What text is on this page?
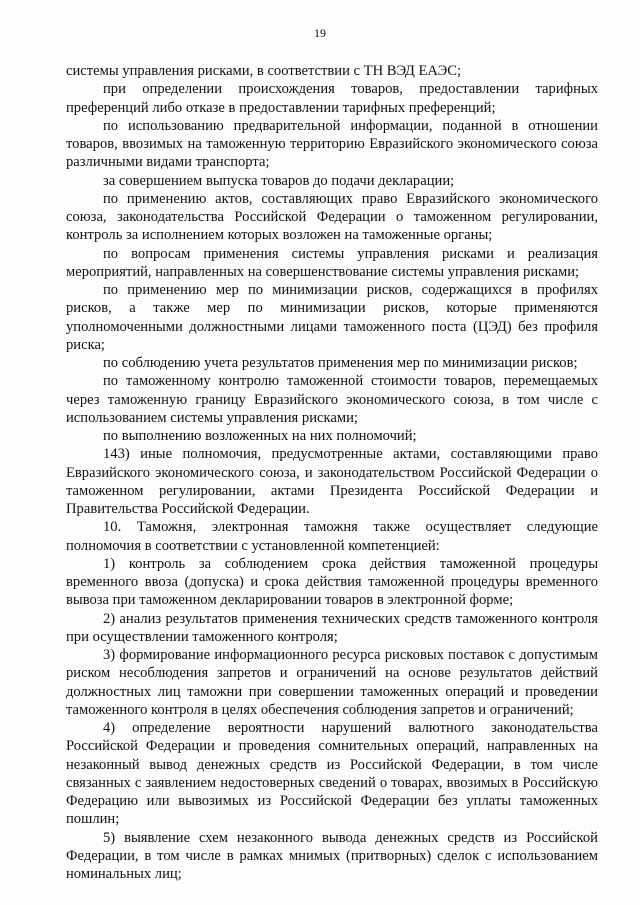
19

системы управления рисками, в соответствии с ТН ВЭД ЕАЭС;

при определении происхождения товаров, предоставлении тарифных преференций либо отказе в предоставлении тарифных преференций;

по использованию предварительной информации, поданной в отношении товаров, ввозимых на таможенную территорию Евразийского экономического союза различными видами транспорта;

за совершением выпуска товаров до подачи декларации;

по применению актов, составляющих право Евразийского экономического союза, законодательства Российской Федерации о таможенном регулировании, контроль за исполнением которых возложен на таможенные органы;

по вопросам применения системы управления рисками и реализация мероприятий, направленных на совершенствование системы управления рисками;

по применению мер по минимизации рисков, содержащихся в профилях рисков, а также мер по минимизации рисков, которые применяются уполномоченными должностными лицами таможенного поста (ЦЭД) без профиля риска;

по соблюдению учета результатов применения мер по минимизации рисков;

по таможенному контролю таможенной стоимости товаров, перемещаемых через таможенную границу Евразийского экономического союза, в том числе с использованием системы управления рисками;

по выполнению возложенных на них полномочий;

143) иные полномочия, предусмотренные актами, составляющими право Евразийского экономического союза, и законодательством Российской Федерации о таможенном регулировании, актами Президента Российской Федерации и Правительства Российской Федерации.

10. Таможня, электронная таможня также осуществляет следующие полномочия в соответствии с установленной компетенцией:

1) контроль за соблюдением срока действия таможенной процедуры временного ввоза (допуска) и срока действия таможенной процедуры временного вывоза при таможенном декларировании товаров в электронной форме;

2) анализ результатов применения технических средств таможенного контроля при осуществлении таможенного контроля;

3) формирование информационного ресурса рисковых поставок с допустимым риском несоблюдения запретов и ограничений на основе результатов действий должностных лиц таможни при совершении таможенных операций и проведении таможенного контроля в целях обеспечения соблюдения запретов и ограничений;

4) определение вероятности нарушений валютного законодательства Российской Федерации и проведения сомнительных операций, направленных на незаконный вывод денежных средств из Российской Федерации, в том числе связанных с заявлением недостоверных сведений о товарах, ввозимых в Российскую Федерацию или вывозимых из Российской Федерации без уплаты таможенных пошлин;

5) выявление схем незаконного вывода денежных средств из Российской Федерации, в том числе в рамках мнимых (притворных) сделок с использованием номинальных лиц;
